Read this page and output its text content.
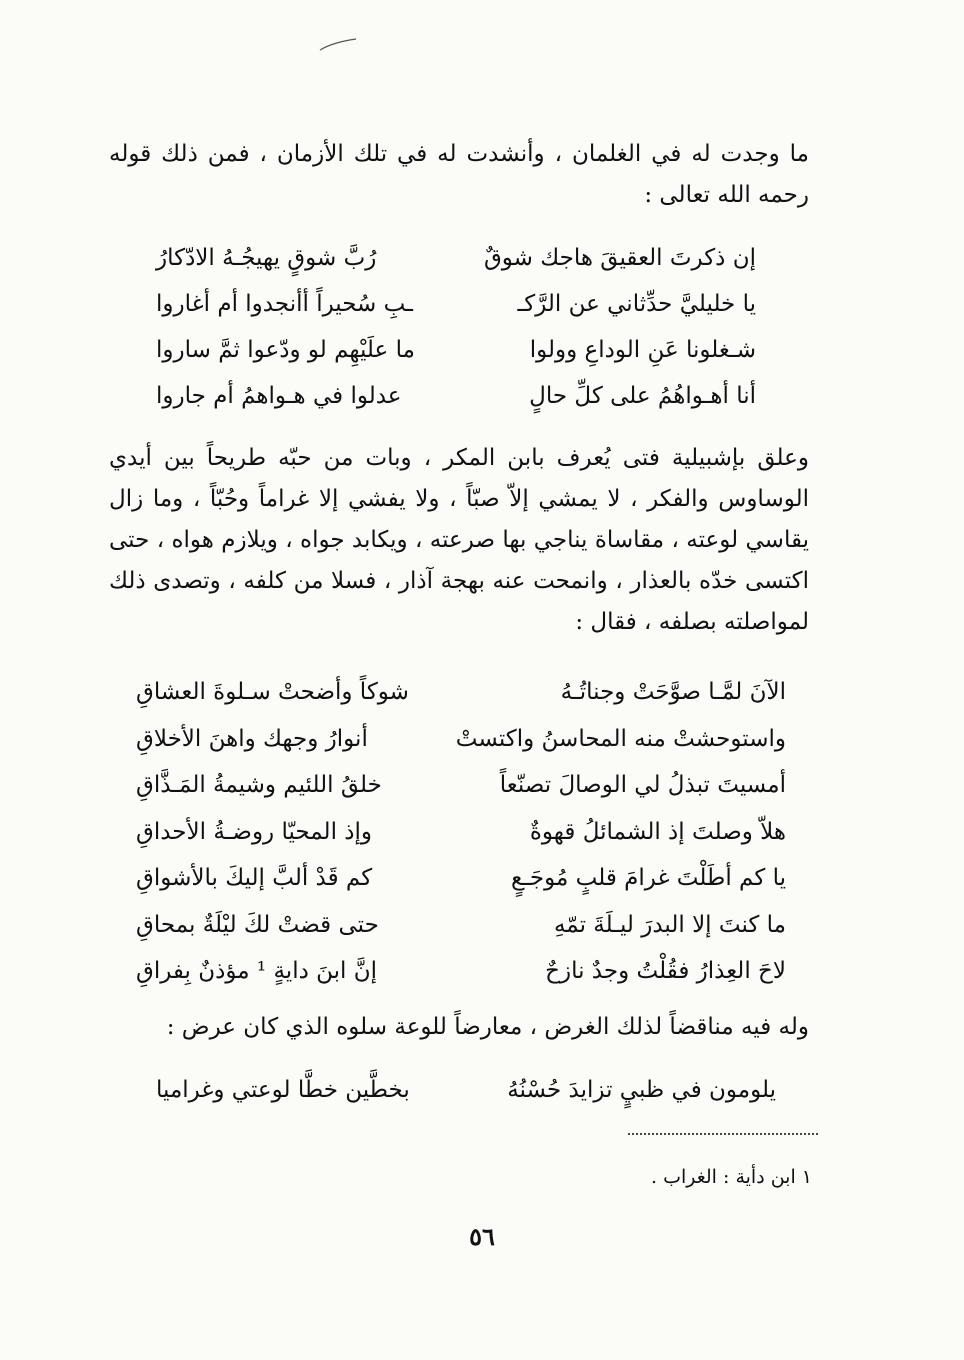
ما وجدت له في الغلمان ، وأنشدت له في تلك الأزمان ، فمن ذلك قوله رحمه الله تعالى :
إن ذكرتَ العقيقَ هاجك شوقٌ
رُبَّ شوقٍ يهيجُـهُ الادّكارُ
يا خليليَّ حدِّثاني عن الرَّكـ
ـبِ سُحيراً أأنجدوا أم أغاروا
شـغلونا عَنِ الوداعِ وولوا
ما علَيْهِم لو ودّعوا ثمَّ ساروا
أنا أهـواهُمُ على كلِّ حالٍ
عدلوا في هـواهمُ أم جاروا
وعلق بإشبيلية فتى يُعرف بابن المكر ، وبات من حبّه طريحاً بين أيدي الوساوس والفكر ، لا يمشي إلاّ صبّاً ، ولا يفشي إلا غراماً وحُبّاً ، وما زال يقاسي لوعته ، مقاساة يناجي بها صرعته ، ويكابد جواه ، ويلازم هواه ، حتى اكتسى خدّه بالعذار ، وانمحت عنه بهجة آذار ، فسلا من كلفه ، وتصدى ذلك لمواصلته بصلفه ، فقال :
الآنَ لمَّـا صوَّحَتْ وجناتُـهُ
شوكاً وأضحتْ سـلوةَ العشاقِ
واستوحشتْ منه المحاسنُ واكتستْ
أنوارُ وجهك واهنَ الأخلاقِ
أمسيتَ تبذلُ لي الوصالَ تصنّعاً
خلقُ اللئيم وشيمةُ المَـذَّاقِ
هلاّ وصلتَ إذ الشمائلُ قهوةٌ
وإذ المحيّا روضـةُ الأحداقِ
يا كم أطَلْتَ غرامَ قلبٍ مُوجَـعٍ
كم قَدْ ألبَّ إليكَ بالأشواقِ
ما كنتَ إلا البدرَ ليـلَةَ تمّهِ
حتى قضتْ لكَ ليْلَةٌ بمحاقِ
لاحَ العِذارُ فقُلْتُ وجدٌ نازحٌ
إنَّ ابنَ دايةٍ ¹ مؤذنٌ بِفراقِ
وله فيه مناقضاً لذلك الغرض ، معارضاً للوعة سلوه الذي كان عرض :
يلومون في ظبيٍ تزايدَ حُسْنُهُ
بخطَّين خطَّا لوعتي وغراميا
١ ابن دأية : الغراب .
٥٦
